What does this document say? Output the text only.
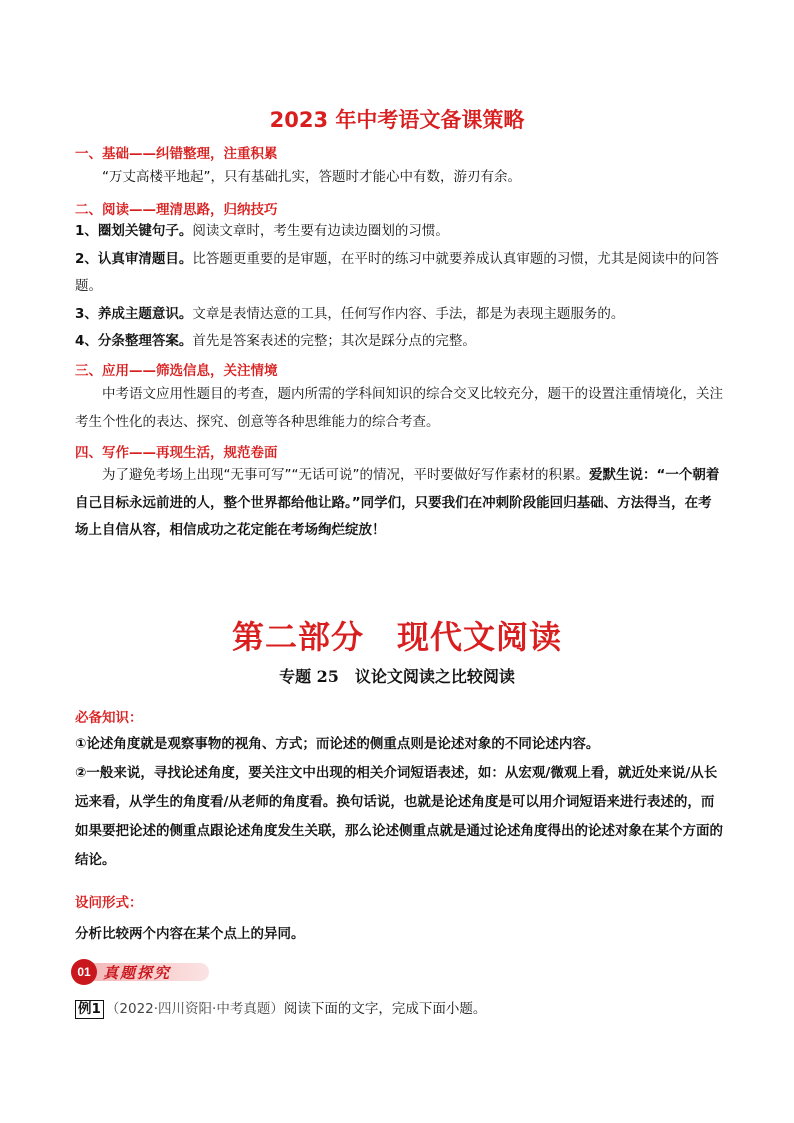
2023 年中考语文备课策略
一、基础——纠错整理，注重积累

“万丈高楼平地起”，只有基础扎实，答题时才能心中有数，游刃有余。

二、阅读——理清思路，归纳技巧

1、圈划关键句子。阅读文章时，考生要有边读边圈划的习惯。

2、认真审清题目。比答题更重要的是审题，在平时的练习中就要养成认真审题的习惯，尤其是阅读中的问答题。

3、养成主题意识。文章是表情达意的工具，任何写作内容、手法，都是为表现主题服务的。

4、分条整理答案。首先是答案表述的完整；其次是踩分点的完整。

三、应用——筛选信息，关注情境

中考语文应用性题目的考查，题内所需的学科间知识的综合交叉比较充分，题干的设置注重情境化，关注考生个性化的表达、探究、创意等各种思维能力的综合考查。

四、写作——再现生活，规范卷面

为了避免考场上出现“无事可写”“无话可说”的情况，平时要做好写作素材的积累。爱默生说：“一个朝着自己目标永远前进的人，整个世界都给他让路。”同学们，只要我们在冲刺阶段能回归基础、方法得当，在考场上自信从容，相信成功之花定能在考场绚烂绽放！

第二部分　现代文阅读
专题 25　议论文阅读之比较阅读
必备知识：

①论述角度就是观察事物的视角、方式；而论述的侧重点则是论述对象的不同论述内容。

②一般来说，寻找论述角度，要关注文中出现的相关介词短语表述，如：从宏观/微观上看，就近处来说/从长远来看，从学生的角度看/从老师的角度看。换句话说，也就是论述角度是可以用介词短语来进行表述的，而如果要把论述的侧重点跟论述角度发生关联，那么论述侧重点就是通过论述角度得出的论述对象在某个方面的结论。

设问形式：
分析比较两个内容在某个点上的异同。
01 真题探究
例1 （2022·四川资阳·中考真题）阅读下面的文字，完成下面小题。
